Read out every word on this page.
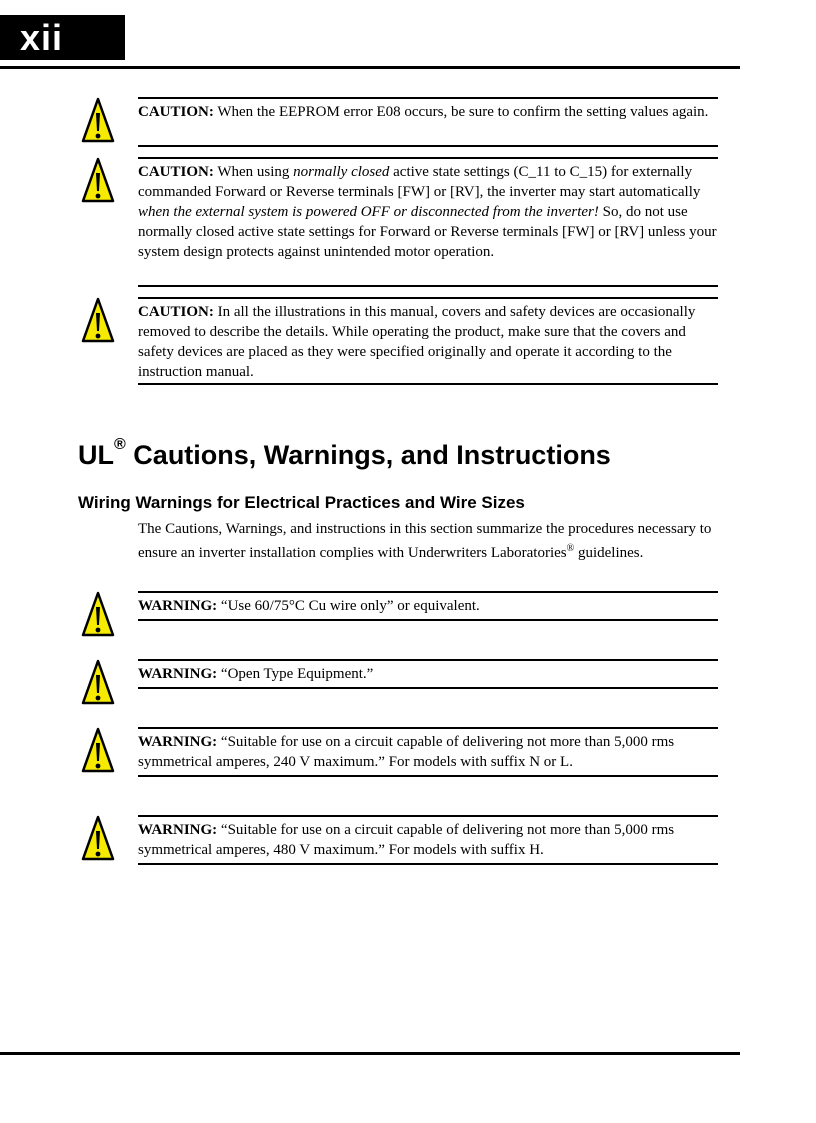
xii
CAUTION: When the EEPROM error E08 occurs, be sure to confirm the setting values again.
CAUTION: When using normally closed active state settings (C_11 to C_15) for externally commanded Forward or Reverse terminals [FW] or [RV], the inverter may start automatically when the external system is powered OFF or disconnected from the inverter! So, do not use normally closed active state settings for Forward or Reverse terminals [FW] or [RV] unless your system design protects against unintended motor operation.
CAUTION: In all the illustrations in this manual, covers and safety devices are occasionally removed to describe the details. While operating the product, make sure that the covers and safety devices are placed as they were specified originally and operate it according to the instruction manual.
UL® Cautions, Warnings, and Instructions
Wiring Warnings for Electrical Practices and Wire Sizes
The Cautions, Warnings, and instructions in this section summarize the procedures necessary to ensure an inverter installation complies with Underwriters Laboratories® guidelines.
WARNING: “Use 60/75°C Cu wire only” or equivalent.
WARNING: “Open Type Equipment.”
WARNING: “Suitable for use on a circuit capable of delivering not more than 5,000 rms symmetrical amperes, 240 V maximum.” For models with suffix N or L.
WARNING: “Suitable for use on a circuit capable of delivering not more than 5,000 rms symmetrical amperes, 480 V maximum.” For models with suffix H.
